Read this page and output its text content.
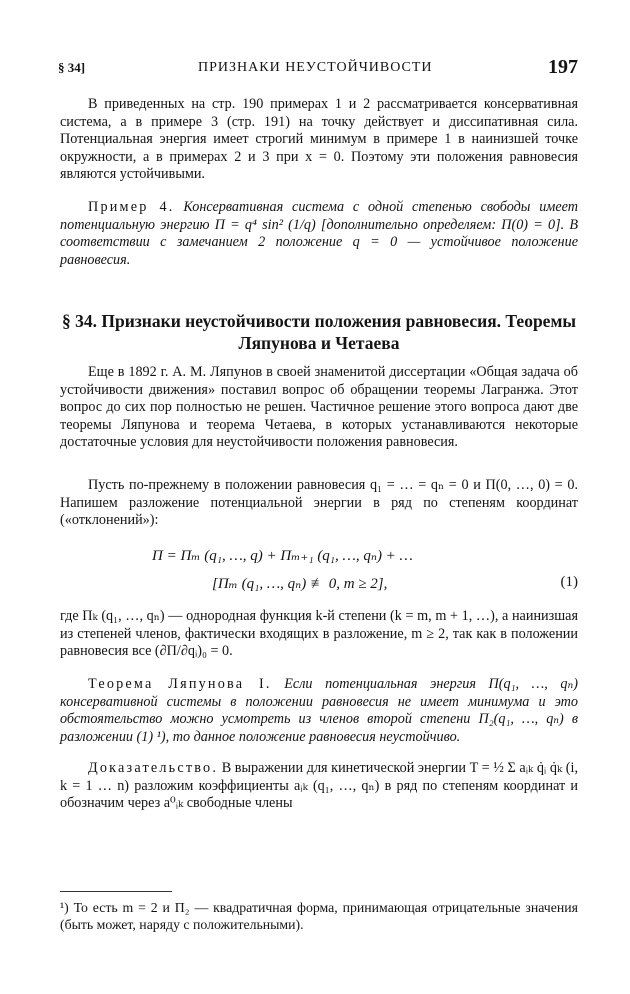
§ 34]	ПРИЗНАКИ НЕУСТОЙЧИВОСТИ	197

В приведенных на стр. 190 примерах 1 и 2 рассматривается консервативная система, а в примере 3 (стр. 191) на точку действует и диссипативная сила. Потенциальная энергия имеет строгий минимум в примере 1 в наинизшей точке окружности, а в примерах 2 и 3 при x = 0. Поэтому эти положения равновесия являются устойчивыми.

Пример 4. Консервативная система с одной степенью свободы имеет потенциальную энергию Π = q⁴ sin² (1/q) [дополнительно определяем: Π(0) = 0]. В соответствии с замечанием 2 положение q = 0 — устойчивое положение равновесия.

§ 34. Признаки неустойчивости положения равновесия. Теоремы Ляпунова и Четаева

Еще в 1892 г. А. М. Ляпунов в своей знаменитой диссертации «Общая задача об устойчивости движения» поставил вопрос об обращении теоремы Лагранжа. Этот вопрос до сих пор полностью не решен. Частичное решение этого вопроса дают две теоремы Ляпунова и теорема Четаева, в которых устанавливаются некоторые достаточные условия для неустойчивости положения равновесия.

Пусть по-прежнему в положении равновесия q₁ = … = qₙ = 0 и Π(0, …, 0) = 0. Напишем разложение потенциальной энергии в ряд по степеням координат («отклонений»):

Π = Πₘ (q₁, …, q) + Πₘ₊₁ (q₁, …, qₙ) + …
[Πₘ (q₁, …, qₙ) ≢ 0, m ≥ 2],	(1)

где Πₖ (q₁, …, qₙ) — однородная функция k-й степени (k = m, m + 1, …), а наинизшая из степеней членов, фактически входящих в разложение, m ≥ 2, так как в положении равновесия все (∂Π/∂qᵢ)₀ = 0.

Теорема Ляпунова I. Если потенциальная энергия Π(q₁, …, qₙ) консервативной системы в положении равновесия не имеет минимума и это обстоятельство можно усмотреть из членов второй степени Π₂(q₁, …, qₙ) в разложении (1) ¹), то данное положение равновесия неустойчиво.

Доказательство. В выражении для кинетической энергии T = ½ Σ aᵢₖ q̇ᵢ q̇ₖ (i, k = 1 … n) разложим коэффициенты aᵢₖ (q₁, …, qₙ) в ряд по степеням координат и обозначим через a⁰ᵢₖ свободные члены

¹) То есть m = 2 и Π₂ — квадратичная форма, принимающая отрицательные значения (быть может, наряду с положительными).
